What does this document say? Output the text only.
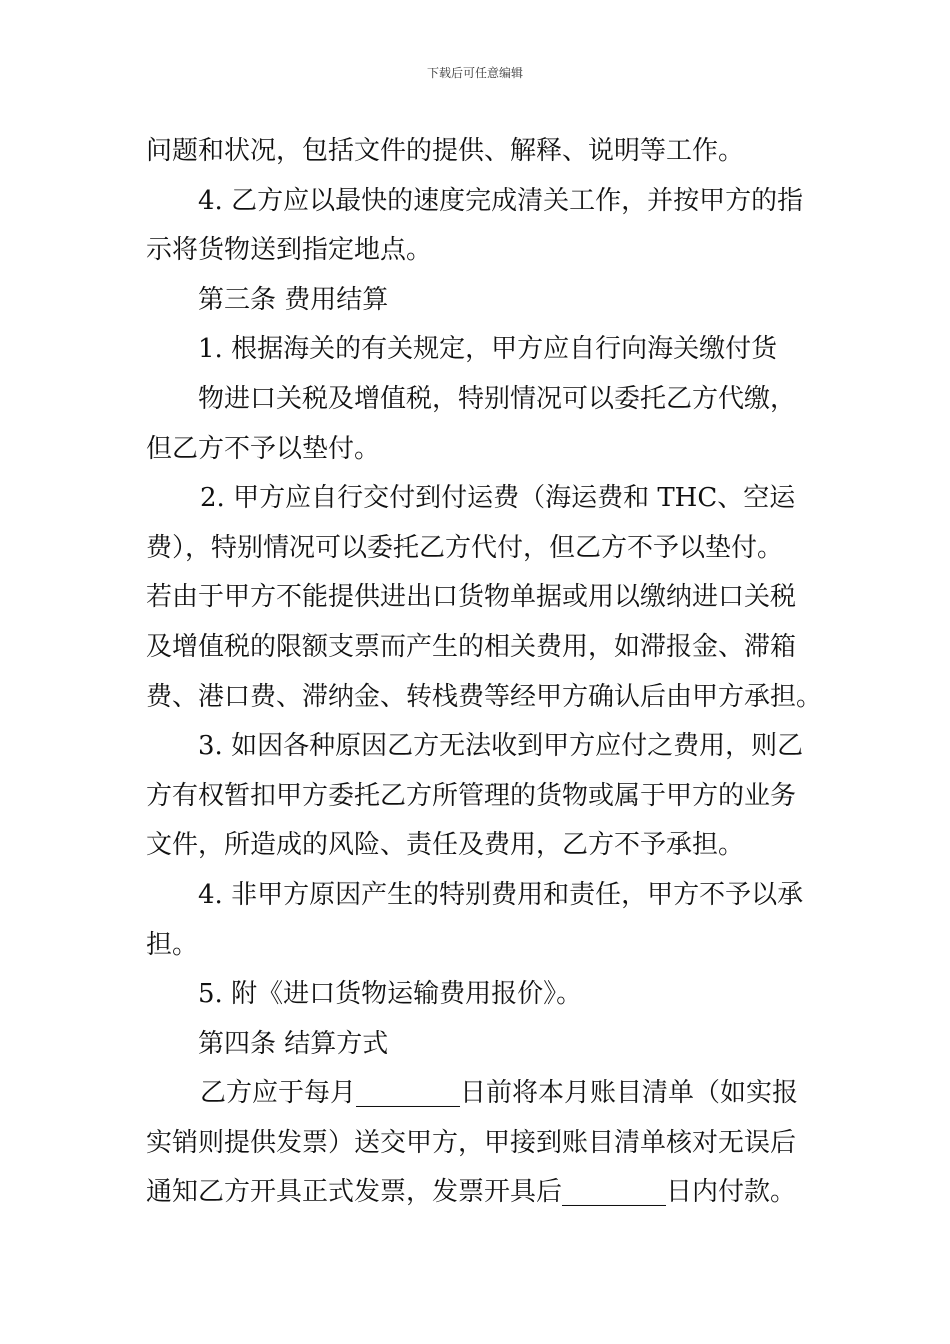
下载后可任意编辑
问题和状况，包括文件的提供、解释、说明等工作。
4. 乙方应以最快的速度完成清关工作，并按甲方的指
示将货物送到指定地点。
第三条 费用结算
1. 根据海关的有关规定，甲方应自行向海关缴付货
物进口关税及增值税，特别情况可以委托乙方代缴，
但乙方不予以垫付。
2. 甲方应自行交付到付运费（海运费和 THC、空运
费），特别情况可以委托乙方代付，但乙方不予以垫付。
若由于甲方不能提供进出口货物单据或用以缴纳进口关税
及增值税的限额支票而产生的相关费用，如滞报金、滞箱
费、港口费、滞纳金、转栈费等经甲方确认后由甲方承担。
3. 如因各种原因乙方无法收到甲方应付之费用，则乙
方有权暂扣甲方委托乙方所管理的货物或属于甲方的业务
文件，所造成的风险、责任及费用，乙方不予承担。
4. 非甲方原因产生的特别费用和责任，甲方不予以承
担。
5. 附《进口货物运输费用报价》。
第四条 结算方式
乙方应于每月________日前将本月账目清单（如实报
实销则提供发票）送交甲方，甲接到账目清单核对无误后
通知乙方开具正式发票，发票开具后________日内付款。
